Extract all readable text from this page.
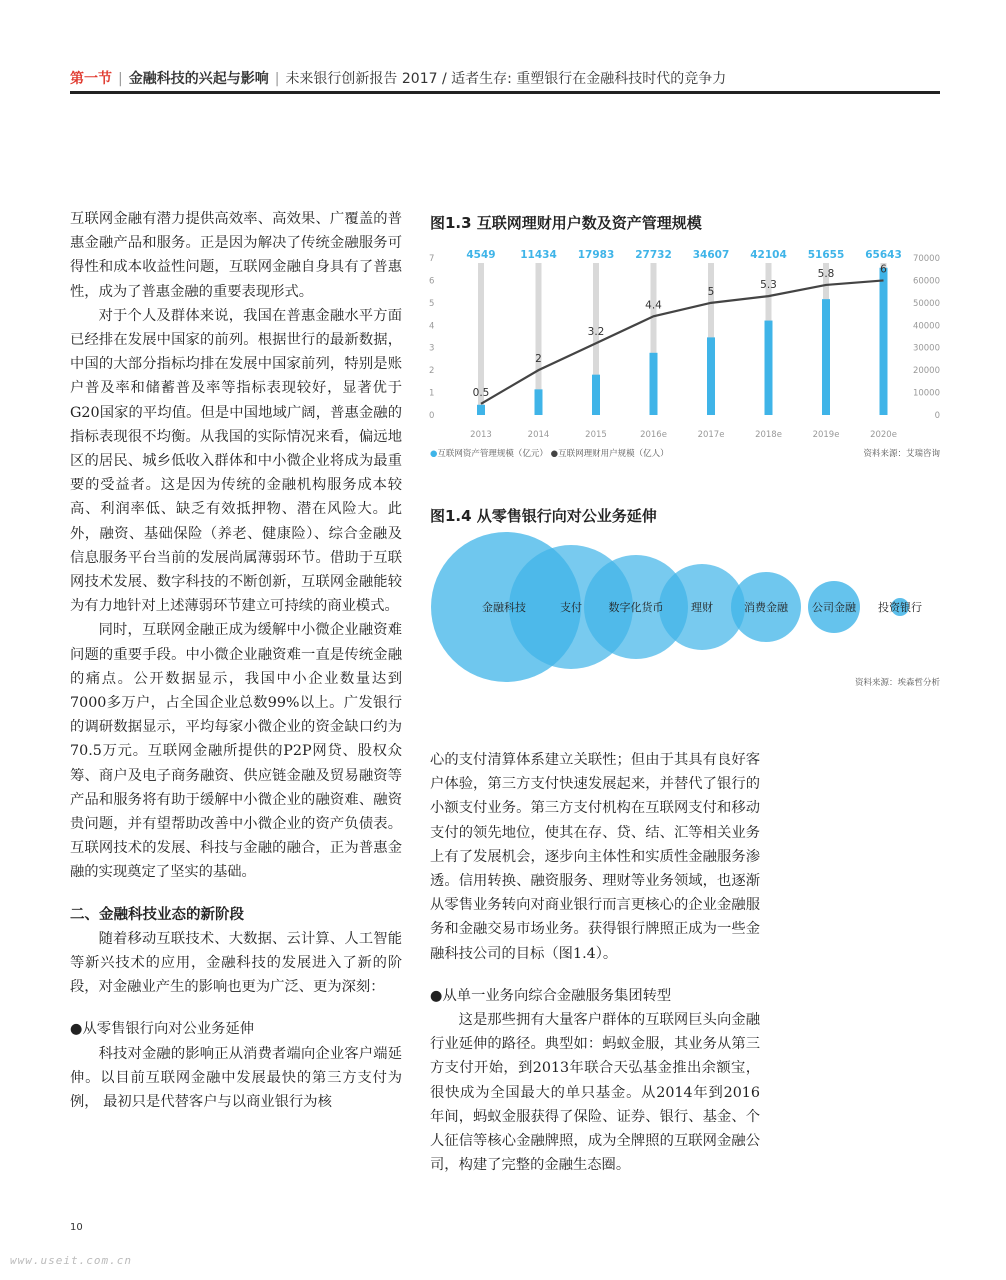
第一节 | 金融科技的兴起与影响 | 未来银行创新报告 2017 / 适者生存: 重塑银行在金融科技时代的竞争力

互联网金融有潜力提供高效率、高效果、广覆盖的普惠金融产品和服务。正是因为解决了传统金融服务可得性和成本收益性问题，互联网金融自身具有了普惠性，成为了普惠金融的重要表现形式。

对于个人及群体来说，我国在普惠金融水平方面已经排在发展中国家的前列。根据世行的最新数据，中国的大部分指标均排在发展中国家前列，特别是账户普及率和储蓄普及率等指标表现较好，显著优于G20国家的平均值。但是中国地域广阔，普惠金融的指标表现很不均衡。从我国的实际情况来看，偏远地区的居民、城乡低收入群体和中小微企业将成为最重要的受益者。这是因为传统的金融机构服务成本较高、利润率低、缺乏有效抵押物、潜在风险大。此外，融资、基础保险（养老、健康险）、综合金融及信息服务平台当前的发展尚属薄弱环节。借助于互联网技术发展、数字科技的不断创新，互联网金融能较为有力地针对上述薄弱环节建立可持续的商业模式。

同时，互联网金融正成为缓解中小微企业融资难问题的重要手段。中小微企业融资难一直是传统金融的痛点。公开数据显示，我国中小企业数量达到7000多万户，占全国企业总数99%以上。广发银行的调研数据显示，平均每家小微企业的资金缺口约为70.5万元。互联网金融所提供的P2P网贷、股权众筹、商户及电子商务融资、供应链金融及贸易融资等产品和服务将有助于缓解中小微企业的融资难、融资贵问题，并有望帮助改善中小微企业的资产负债表。互联网技术的发展、科技与金融的融合，正为普惠金融的实现奠定了坚实的基础。

二、金融科技业态的新阶段

随着移动互联技术、大数据、云计算、人工智能等新兴技术的应用，金融科技的发展进入了新的阶段，对金融业产生的影响也更为广泛、更为深刻：

●从零售银行向对公业务延伸

科技对金融的影响正从消费者端向企业客户端延伸。以目前互联网金融中发展最快的第三方支付为例， 最初只是代替客户与以商业银行为核

图1.3 互联网理财用户数及资产管理规模
0
1
2
3
4
5
6
7
0
10000
20000
30000
40000
50000
60000
70000
4549
2013
11434
2014
17983
2015
27732
2016e
34607
2017e
42104
2018e
51655
2019e
65643
2020e
0.5
2
3.2
4.4
5
5.3
5.8	6
●互联网资产管理规模（亿元） ●互联网理财用户规模（亿人）	资料来源：艾瑞咨询
图1.4 从零售银行向对公业务延伸
金融科技	支付 数字化货币	理财	消费金融 公司金融 投资银行
资料来源：埃森哲分析

心的支付清算体系建立关联性；但由于其具有良好客户体验，第三方支付快速发展起来，并替代了银行的小额支付业务。第三方支付机构在互联网支付和移动支付的领先地位，使其在存、贷、结、汇等相关业务上有了发展机会，逐步向主体性和实质性金融服务渗透。信用转换、融资服务、理财等业务领域，也逐渐从零售业务转向对商业银行而言更核心的企业金融服务和金融交易市场业务。获得银行牌照正成为一些金融科技公司的目标（图1.4）。

●从单一业务向综合金融服务集团转型

这是那些拥有大量客户群体的互联网巨头向金融行业延伸的路径。典型如：蚂蚁金服，其业务从第三方支付开始，到2013年联合天弘基金推出余额宝，很快成为全国最大的单只基金。从2014年到2016年间，蚂蚁金服获得了保险、证券、银行、基金、个人征信等核心金融牌照，成为全牌照的互联网金融公司，构建了完整的金融生态圈。

10
www.useit.com.cn
